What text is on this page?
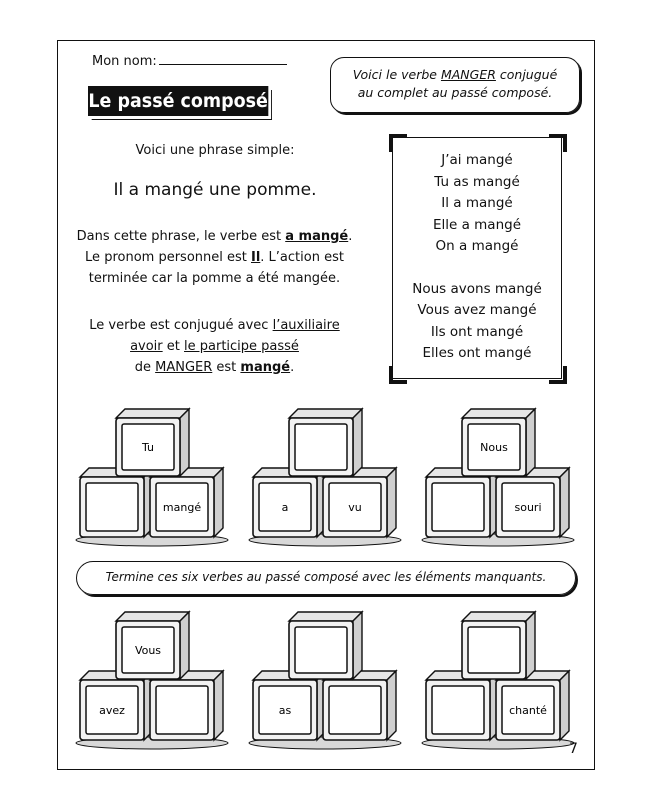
Mon nom:
Le passé composé
Voici le verbe MANGER conjugué
au complet au passé composé.
Voici une phrase simple:
Il a mangé une pomme.
Dans cette phrase, le verbe est a mangé.
Le pronom personnel est Il. L’action est
terminée car la pomme a été mangée.
Le verbe est conjugué avec l’auxiliaire
avoir et le participe passé
de MANGER est mangé.
J’ai mangé
Tu as mangé
Il a mangé
Elle a mangé
On a mangé
Nous avons mangé
Vous avez mangé
Ils ont mangé
Elles ont mangé
Tu
mangé	a	vu
Nous
souri
Vous
avez	as	chanté
Termine ces six verbes au passé composé avec les éléments manquants.
7
